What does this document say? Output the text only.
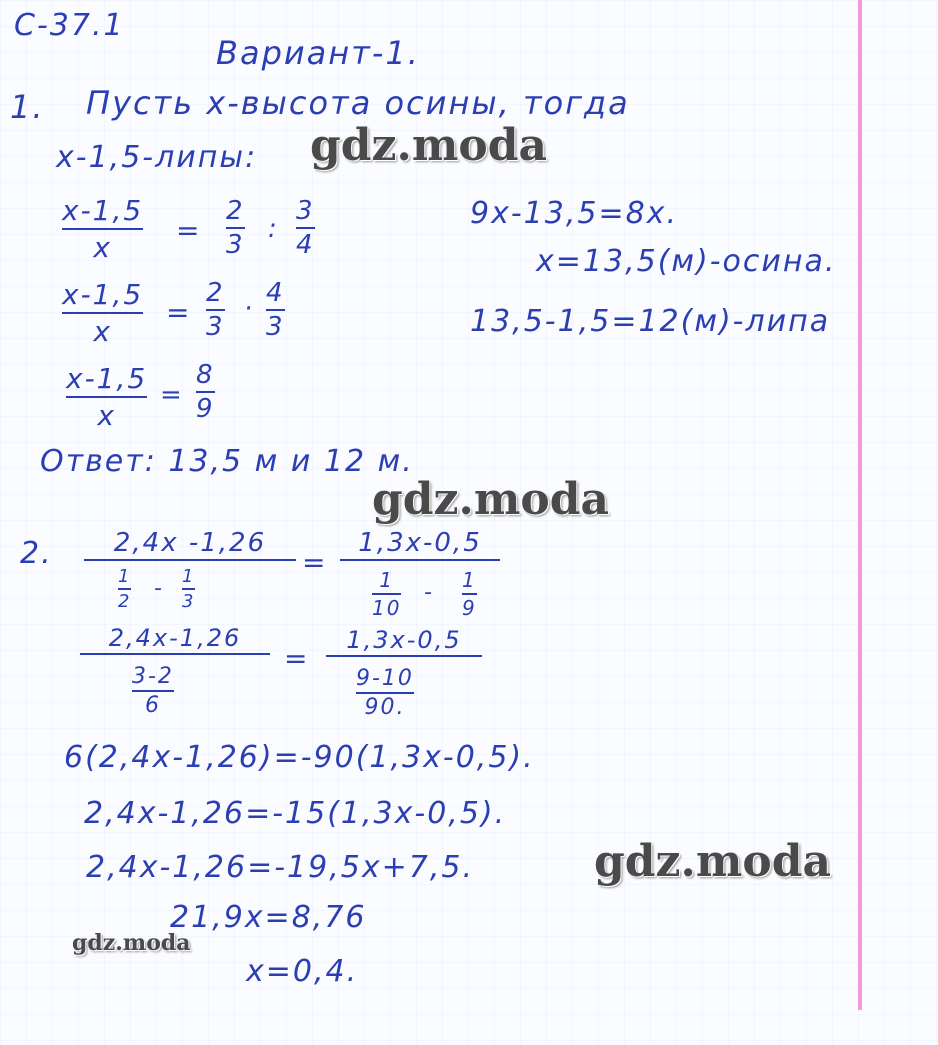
С-37.1
Вариант-1.
1. Пусть х-высота осины, тогда
х-1,5-липы:
х-1,5
х
=
2
3
:
3
4
х-1,5
х
=
2
3
·
4
3
х-1,5
х
=
8
9
9х-13,5=8х.
х=13,5(м)-осина.
13,5-1,5=12(м)-липа
Ответ: 13,5 м и 12 м.
2.	2,4х -1,26
1
2
- 1
3
=
1,3х-0,5
1
10
- 1
9
2,4х-1,26
3-2
6
=
1,3х-0,5
9-10
90.
6(2,4х-1,26)=-90(1,3х-0,5).
2,4х-1,26=-15(1,3х-0,5).
2,4х-1,26=-19,5х+7,5.
21,9х=8,76
х=0,4.
gdz.moda
gdz.moda
gdz.moda
gdz.moda
